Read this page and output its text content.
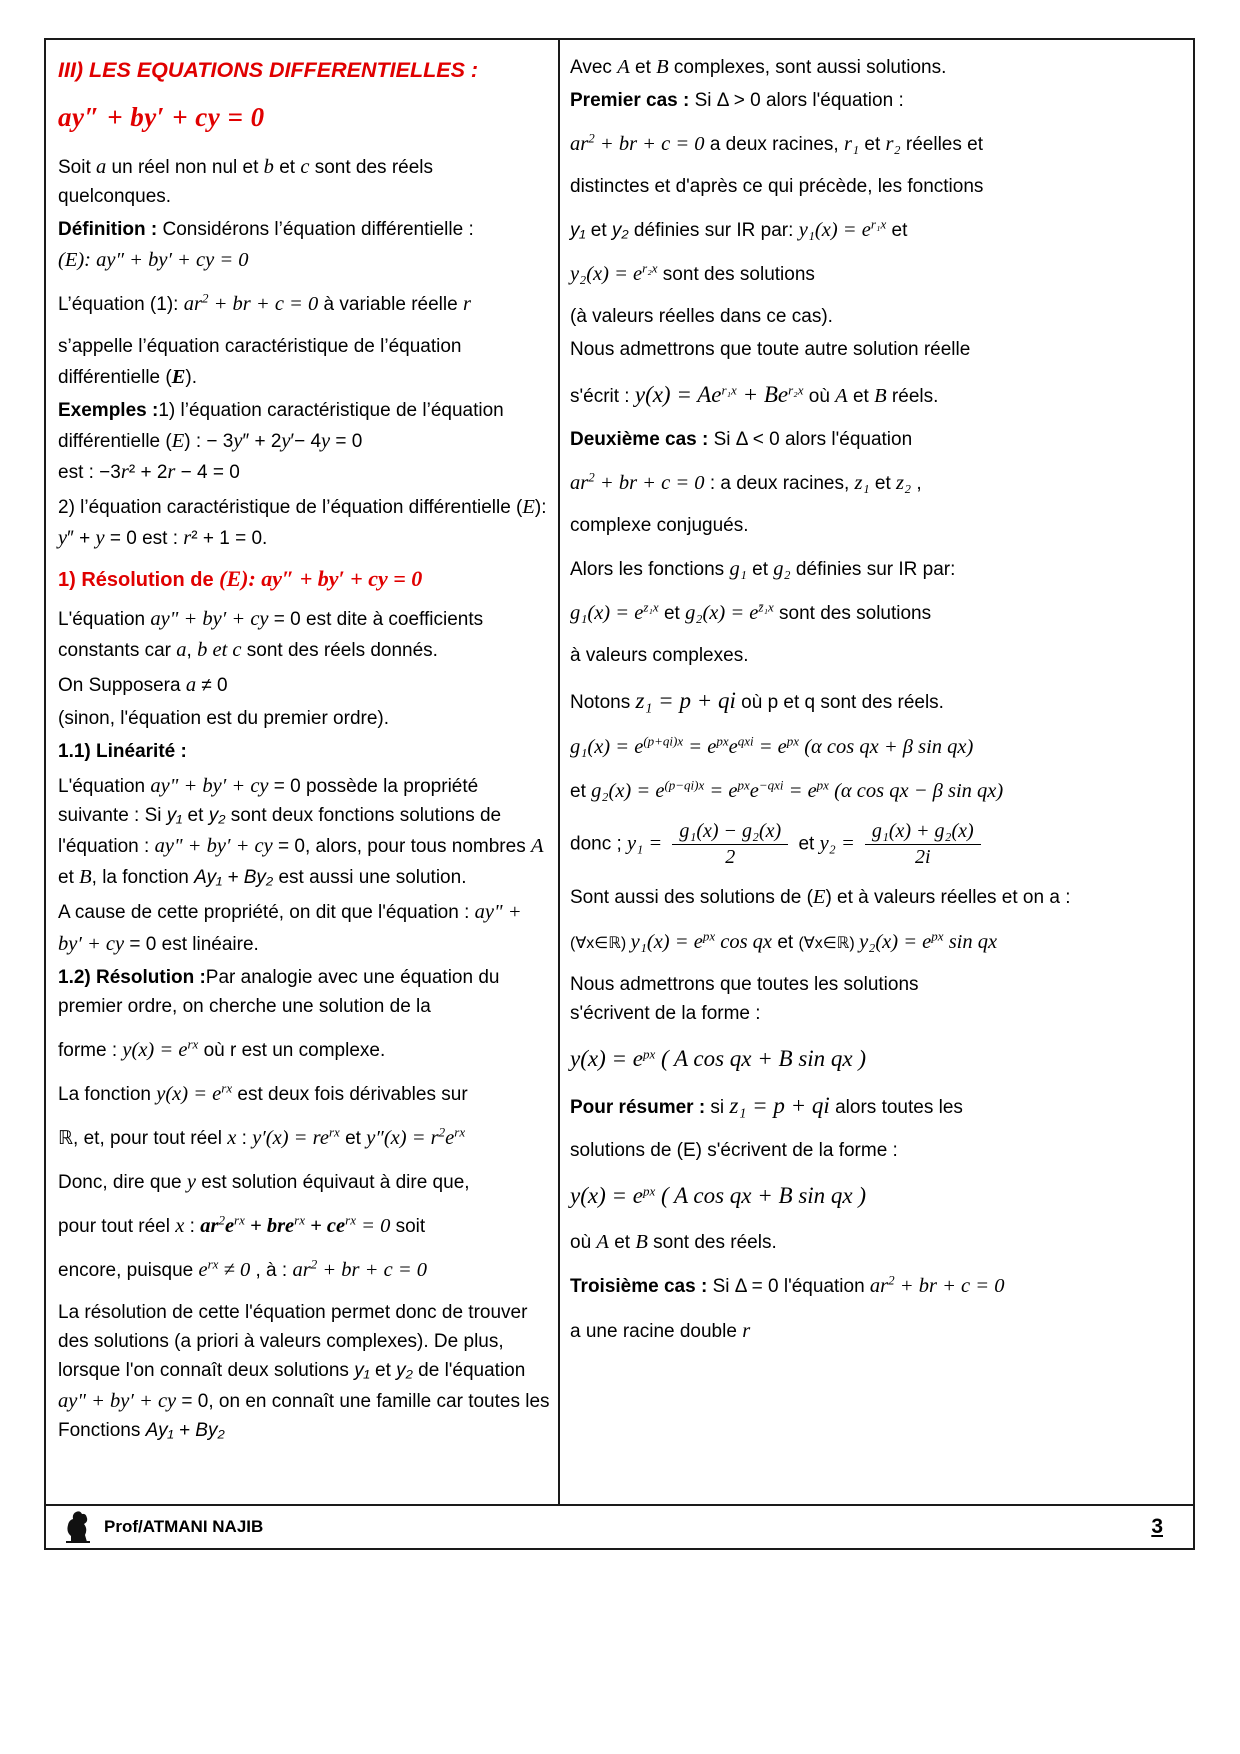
III) LES EQUATIONS DIFFERENTIELLES :
ay″ + by′ + cy = 0
Soit a un réel non nul et b et c sont des réels quelconques.
Définition : Considérons l’équation différentielle :
(E): ay″ + by′ + cy = 0
L’équation (1): $ar^2$ + br + c = 0 à variable réelle r
s’appelle l’équation caractéristique de l’équation différentielle (E).
Exemples :1) l’équation caractéristique de l’équation différentielle (E) : − 3y″ + 2y′− 4y = 0
est : −3r² + 2r − 4 = 0
2) l’équation caractéristique de l’équation différentielle (E): y″ + y = 0 est : r² + 1 = 0.
1) Résolution de (E): ay″ + by′ + cy = 0
L'équation ay" + by′ + cy = 0 est dite à coefficients constants car a, b et c sont des réels donnés.
On Supposera a ≠ 0
(sinon, l'équation est du premier ordre).
1.1) Linéarité :
L'équation ay" + by′ + cy = 0 possède la propriété suivante : Si y₁ et y₂ sont deux fonctions solutions de l'équation : ay" + by′ + cy = 0, alors, pour tous nombres A et B, la fonction Ay₁ + By₂ est aussi une solution.
A cause de cette propriété, on dit que l'équation : ay" + by′ + cy = 0 est linéaire.
1.2) Résolution :Par analogie avec une équation du premier ordre, on cherche une solution de la
forme : $y(x) = e^{rx}$ où r est un complexe.
La fonction $y(x) = e^{rx}$ est deux fois dérivables sur
ℝ, et, pour tout réel x : $y'(x) = re^{rx}$ et $y''(x) = r^2e^{rx}$
Donc, dire que y est solution équivaut à dire que,
pour tout réel x : $ar^2e^{rx} + bre^{rx} + ce^{rx} = 0$ soit
encore, puisque $e^{rx} \ne 0$ , à : $ar^2$ + br + c = 0
La résolution de cette l'équation permet donc de trouver des solutions (a priori à valeurs complexes). De plus, lorsque l'on connaît deux solutions y₁ et y₂ de l'équation ay" + by′ + cy = 0, on en connaît une famille car toutes les
Fonctions Ay₁ + By₂
Avec A et B complexes, sont aussi solutions.
Premier cas : Si Δ > 0 alors l'équation :
$ar^2$ + br + c = 0 a deux racines, r₁ et r₂ réelles et
distinctes et d'après ce qui précède, les fonctions
y₁ et y₂ définies sur IR par: $y_1(x) = e^{r_1x}$ et
$y_2(x) = e^{r_2x}$ sont des solutions
(à valeurs réelles dans ce cas).
Nous admettrons que toute autre solution réelle
s'écrit : $y(x) = Ae^{r_1x} + Be^{r_2x}$ où A et B réels.
Deuxième cas : Si Δ < 0 alors l'équation
$ar^2$ + br + c = 0 : a deux racines, z₁ et z₂ ,
complexe conjugués.
Alors les fonctions g₁ et g₂ définies sur IR par:
$g_1(x) = e^{z_1x}$ et $g_2(x) = e^{z̄_1x}$ sont des solutions
à valeurs complexes.
Notons z₁ = p + qi où p et q sont des réels.
$g_1(x) = e^{(p+qi)x} = e^{px}e^{qxi} = e^{px}$ (α cos qx + β sin qx)
et $g_2(x) = e^{(p-qi)x} = e^{px}e^{-qxi} = e^{px}$ (α cos qx − β sin qx)
donc ; $y_1 = \frac{\text{g₁(x) − g₂(x)}}{2}$ et $y_2 = \frac{\text{g₁(x) + g₂(x)}}{2i}$
Sont aussi des solutions de (E) et à valeurs réelles et on a :
(∀x∈ℝ) $y_1(x) = e^{px}$ cos qx et (∀x∈ℝ) $y_2(x) = e^{px}$ sin qx
Nous admettrons que toutes les solutions
s'écrivent de la forme :
$y(x) = e^{px}$ ( A cos qx + B sin qx )
Pour résumer : si z₁ = p + qi alors toutes les
solutions de (E) s'écrivent de la forme :
$y(x) = e^{px}$ ( A cos qx + B sin qx )
où A et B sont des réels.
Troisième cas : Si Δ = 0 l'équation $ar^2$ + br + c = 0
a une racine double r
Prof/ATMANI NAJIB	3
